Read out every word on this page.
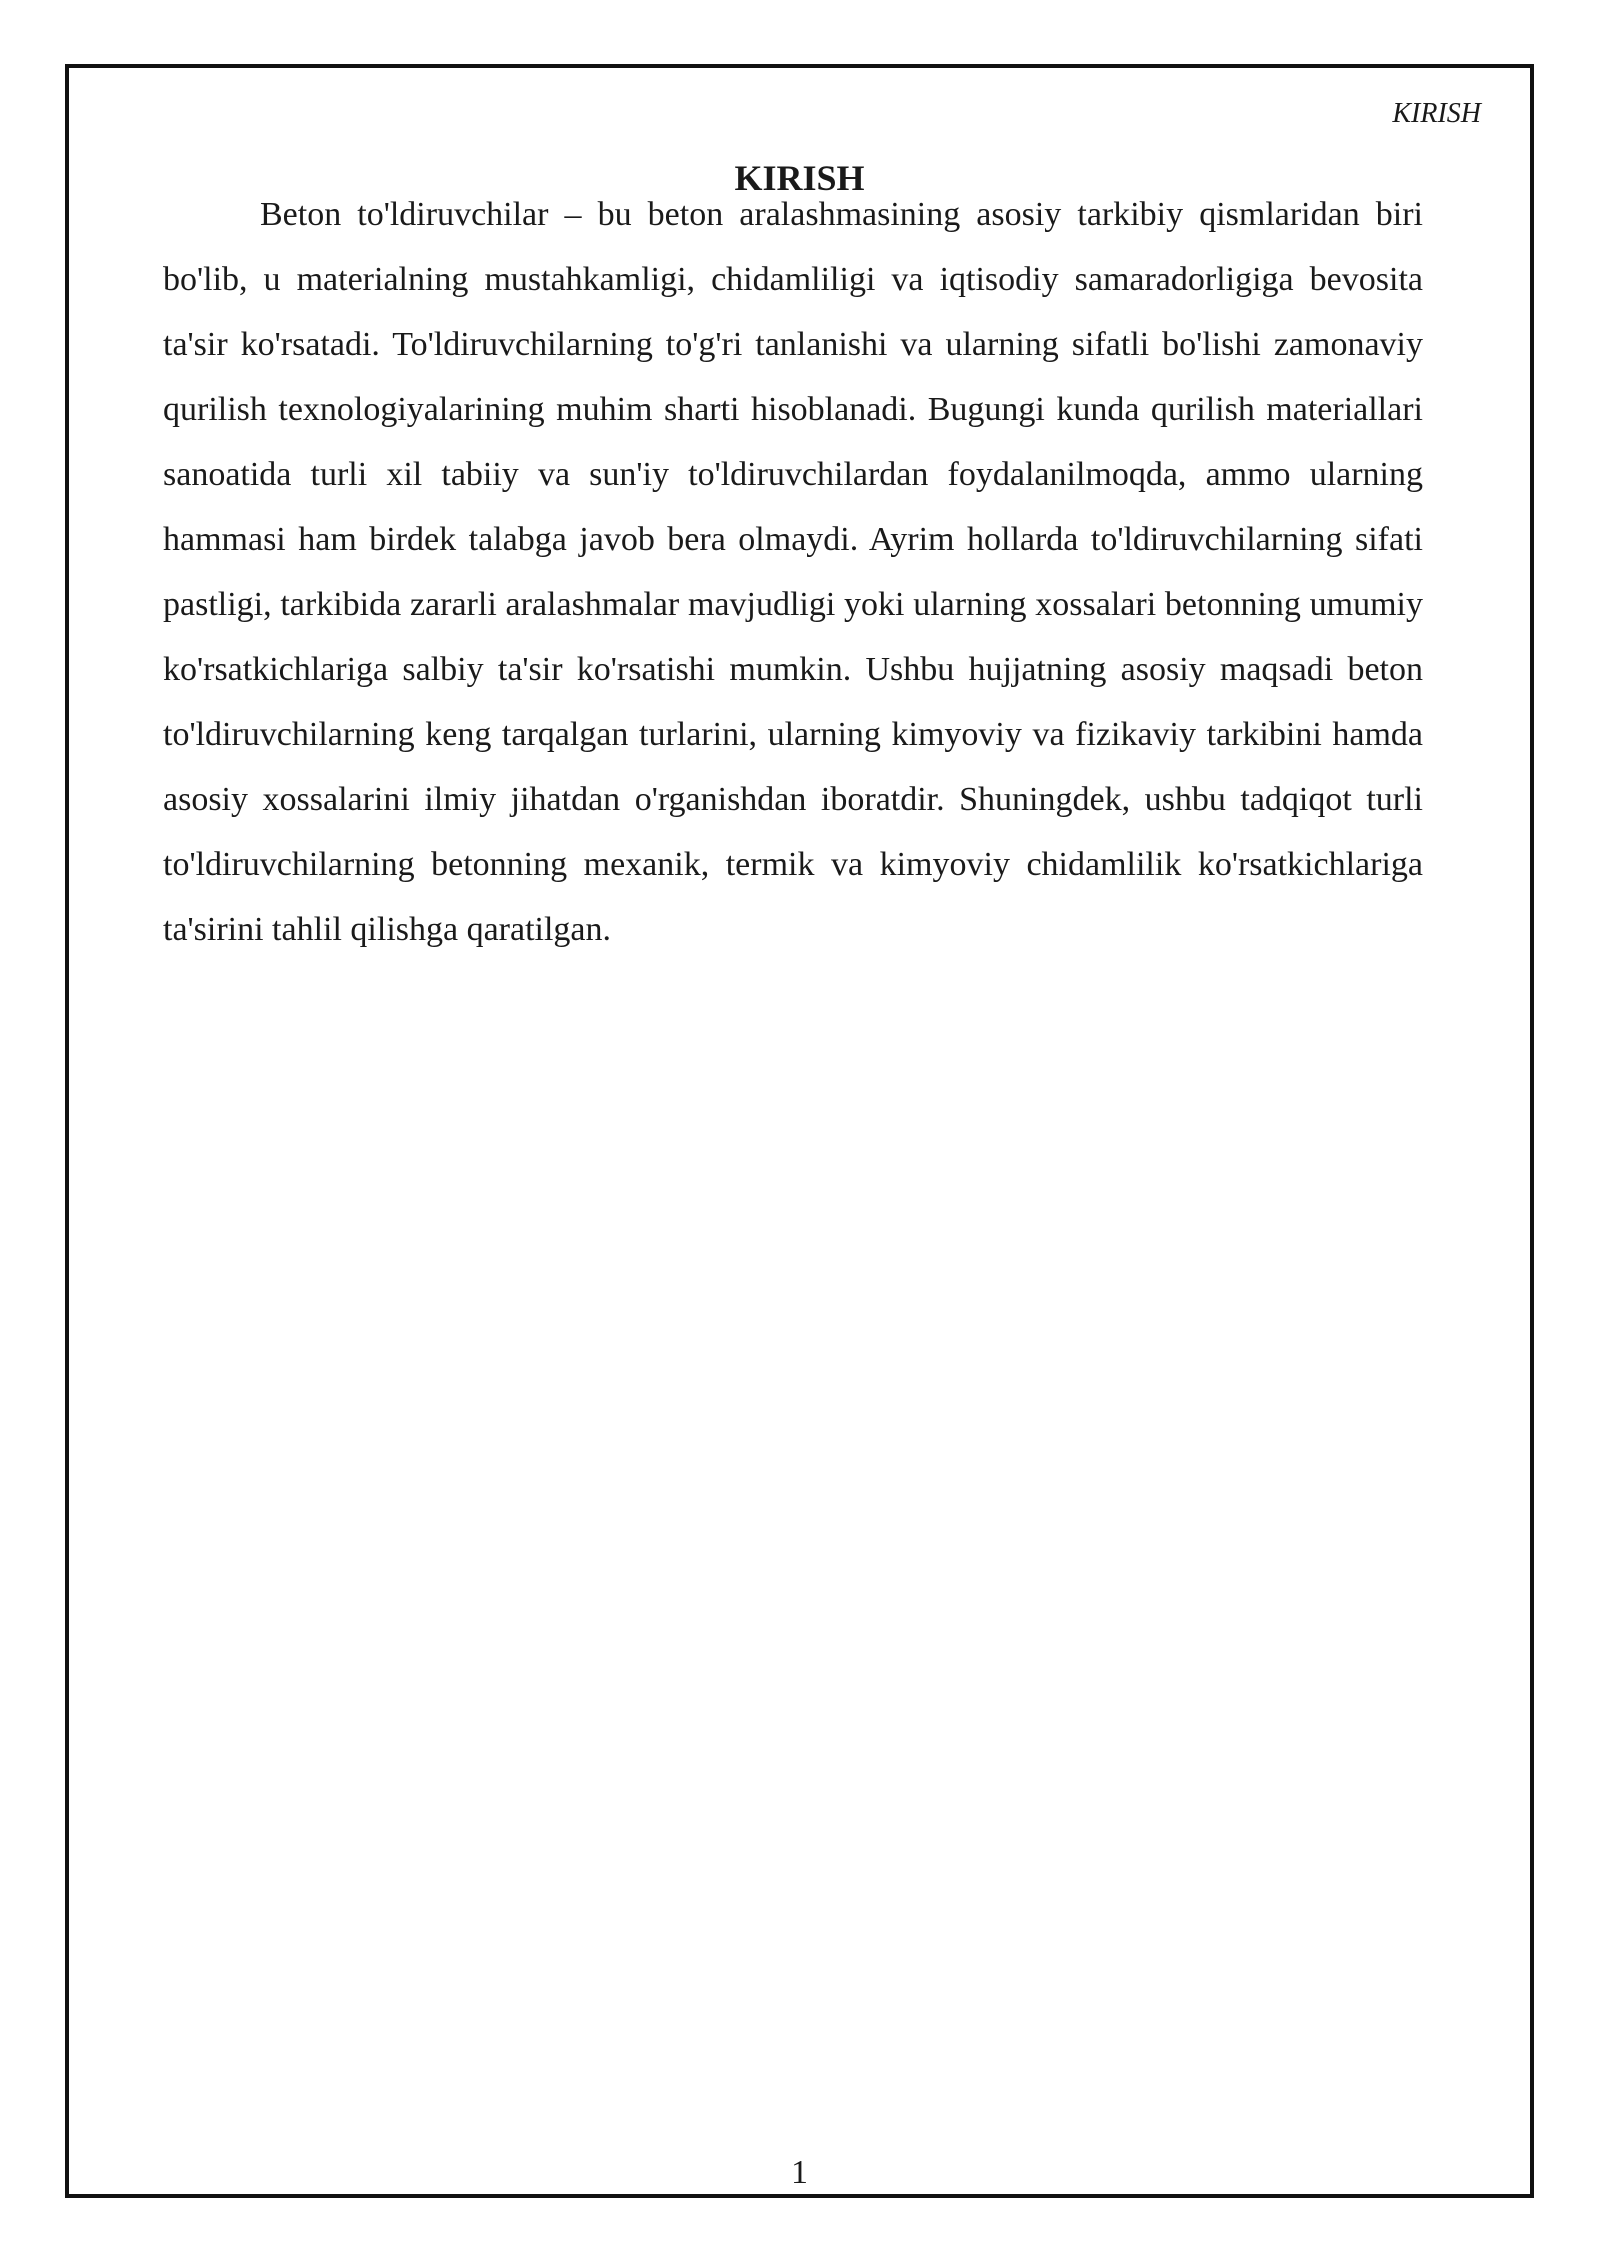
KIRISH

KIRISH

1

Beton to'ldiruvchilar – bu beton aralashmasining asosiy tarkibiy qismlaridan biri bo'lib, u materialning mustahkamligi, chidamliligi va iqtisodiy samaradorligiga bevosita ta'sir ko'rsatadi. To'ldiruvchilarning to'g'ri tanlanishi va ularning sifatli bo'lishi zamonaviy qurilish texnologiyalarining muhim sharti hisoblanadi. Bugungi kunda qurilish materiallari sanoatida turli xil tabiiy va sun'iy to'ldiruvchilardan foydalanilmoqda, ammo ularning hammasi ham birdek talabga javob bera olmaydi. Ayrim hollarda to'ldiruvchilarning sifati pastligi, tarkibida zararli aralashmalar mavjudligi yoki ularning xossalari betonning umumiy ko'rsatkichlariga salbiy ta'sir ko'rsatishi mumkin. Ushbu hujjatning asosiy maqsadi beton to'ldiruvchilarning keng tarqalgan turlarini, ularning kimyoviy va fizikaviy tarkibini hamda asosiy xossalarini ilmiy jihatdan o'rganishdan iboratdir. Shuningdek, ushbu tadqiqot turli to'ldiruvchilarning betonning mexanik, termik va kimyoviy chidamlilik ko'rsatkichlariga ta'sirini tahlil qilishga qaratilgan.
